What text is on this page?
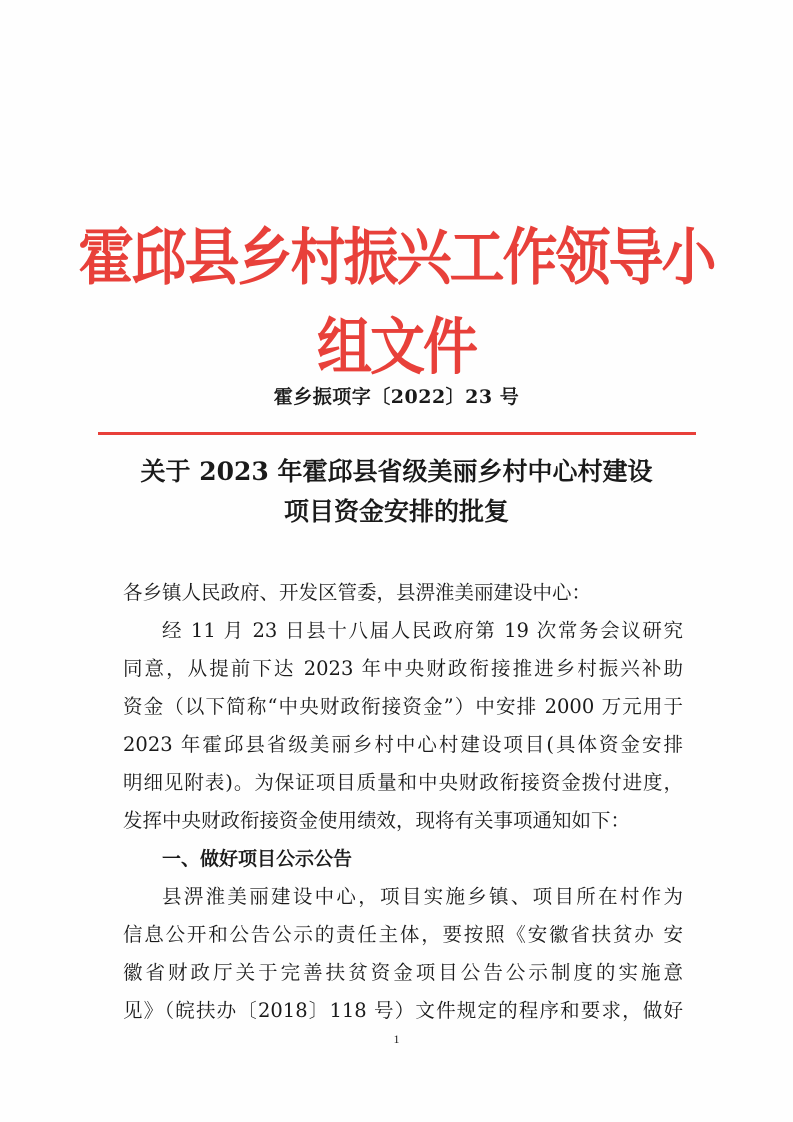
霍邱县乡村振兴工作领导小组文件
霍乡振项字〔2022〕23 号
关于 2023 年霍邱县省级美丽乡村中心村建设
项目资金安排的批复
各乡镇人民政府、开发区管委，县淠淮美丽建设中心：
经 11 月 23 日县十八届人民政府第 19 次常务会议研究
同意，从提前下达 2023 年中央财政衔接推进乡村振兴补助
资金（以下简称“中央财政衔接资金”）中安排 2000 万元用于
2023 年霍邱县省级美丽乡村中心村建设项目(具体资金安排
明细见附表)。为保证项目质量和中央财政衔接资金拨付进度，
发挥中央财政衔接资金使用绩效，现将有关事项通知如下：
一、做好项目公示公告
县淠淮美丽建设中心，项目实施乡镇、项目所在村作为
信息公开和公告公示的责任主体，要按照《安徽省扶贫办 安
徽省财政厅关于完善扶贫资金项目公告公示制度的实施意
见》（皖扶办〔2018〕118 号）文件规定的程序和要求，做好
1
